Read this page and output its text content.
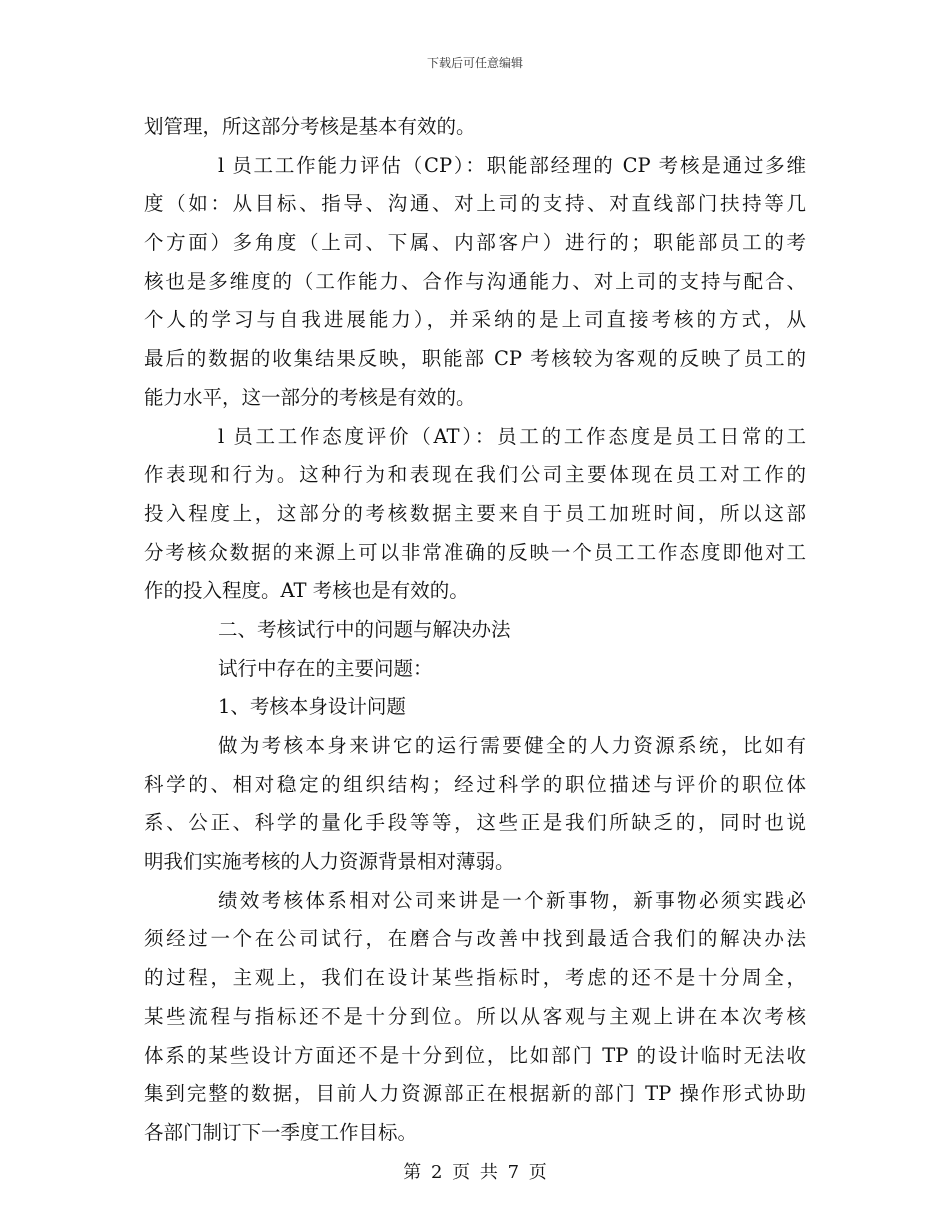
下载后可任意编辑
划管理，所这部分考核是基本有效的。
l 员工工作能力评估（CP）：职能部经理的 CP 考核是通过多维
度（如：从目标、指导、沟通、对上司的支持、对直线部门扶持等几
个方面）多角度（上司、下属、内部客户）进行的；职能部员工的考
核也是多维度的（工作能力、合作与沟通能力、对上司的支持与配合、
个人的学习与自我进展能力），并采纳的是上司直接考核的方式，从
最后的数据的收集结果反映，职能部 CP 考核较为客观的反映了员工的
能力水平，这一部分的考核是有效的。
l 员工工作态度评价（AT）：员工的工作态度是员工日常的工
作表现和行为。这种行为和表现在我们公司主要体现在员工对工作的
投入程度上，这部分的考核数据主要来自于员工加班时间，所以这部
分考核众数据的来源上可以非常准确的反映一个员工工作态度即他对工
作的投入程度。AT 考核也是有效的。
二、考核试行中的问题与解决办法
试行中存在的主要问题：
1、考核本身设计问题
做为考核本身来讲它的运行需要健全的人力资源系统，比如有
科学的、相对稳定的组织结构；经过科学的职位描述与评价的职位体
系、公正、科学的量化手段等等，这些正是我们所缺乏的，同时也说
明我们实施考核的人力资源背景相对薄弱。
绩效考核体系相对公司来讲是一个新事物，新事物必须实践必
须经过一个在公司试行，在磨合与改善中找到最适合我们的解决办法
的过程，主观上，我们在设计某些指标时，考虑的还不是十分周全，
某些流程与指标还不是十分到位。所以从客观与主观上讲在本次考核
体系的某些设计方面还不是十分到位，比如部门 TP 的设计临时无法收
集到完整的数据，目前人力资源部正在根据新的部门 TP 操作形式协助
各部门制订下一季度工作目标。
第 2 页 共 7 页
